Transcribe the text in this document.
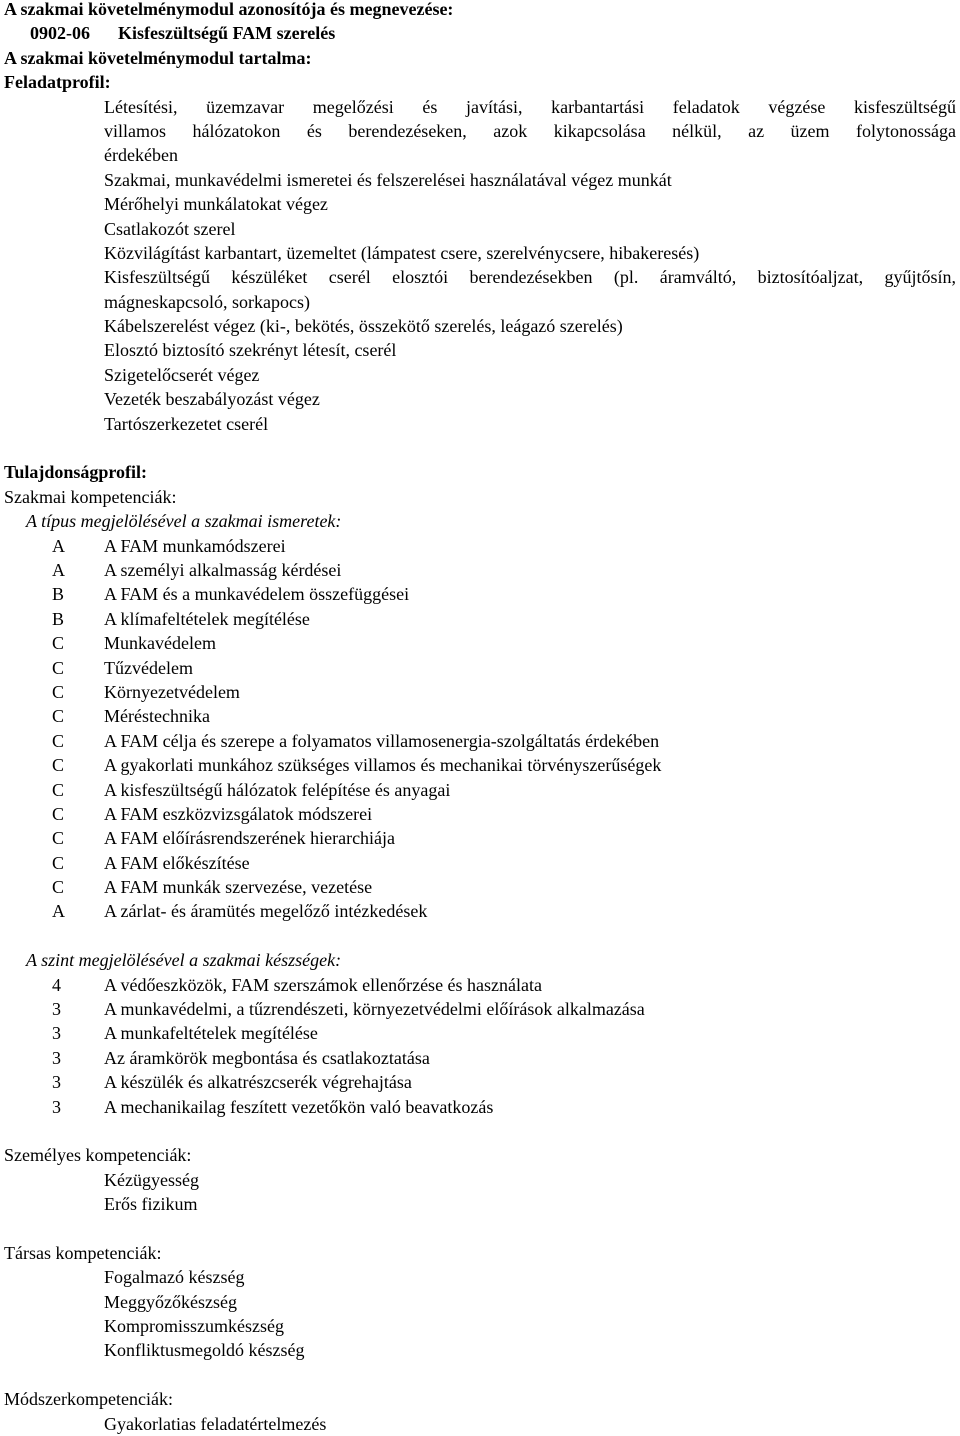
A szakmai követelménymodul azonosítója és megnevezése:
0902-06 Kisfeszültségű FAM szerelés
A szakmai követelménymodul tartalma:
Feladatprofil:
Létesítési, üzemzavar megelőzési és javítási, karbantartási feladatok végzése kisfeszültségű
villamos hálózatokon és berendezéseken, azok kikapcsolása nélkül, az üzem folytonossága
érdekében
Szakmai, munkavédelmi ismeretei és felszerelései használatával végez munkát
Mérőhelyi munkálatokat végez
Csatlakozót szerel
Közvilágítást karbantart, üzemeltet (lámpatest csere, szerelvénycsere, hibakeresés)
Kisfeszültségű készüléket cserél elosztói berendezésekben (pl. áramváltó, biztosítóaljzat, gyűjtősín,
mágneskapcsoló, sorkapocs)
Kábelszerelést végez (ki-, bekötés, összekötő szerelés, leágazó szerelés)
Elosztó biztosító szekrényt létesít, cserél
Szigetelőcserét végez
Vezeték beszabályozást végez
Tartószerkezetet cserél
Tulajdonságprofil:
Szakmai kompetenciák:
A típus megjelölésével a szakmai ismeretek:
A	A FAM munkamódszerei
A	A személyi alkalmasság kérdései
B	A FAM és a munkavédelem összefüggései
B	A klímafeltételek megítélése
C	Munkavédelem
C	Tűzvédelem
C	Környezetvédelem
C	Méréstechnika
C	A FAM célja és szerepe a folyamatos villamosenergia-szolgáltatás érdekében
C	A gyakorlati munkához szükséges villamos és mechanikai törvényszerűségek
C	A kisfeszültségű hálózatok felépítése és anyagai
C	A FAM eszközvizsgálatok módszerei
C	A FAM előírásrendszerének hierarchiája
C	A FAM előkészítése
C	A FAM munkák szervezése, vezetése
A	A zárlat- és áramütés megelőző intézkedések
A szint megjelölésével a szakmai készségek:
4	A védőeszközök, FAM szerszámok ellenőrzése és használata
3	A munkavédelmi, a tűzrendészeti, környezetvédelmi előírások alkalmazása
3	A munkafeltételek megítélése
3	Az áramkörök megbontása és csatlakoztatása
3	A készülék és alkatrészcserék végrehajtása
3	A mechanikailag feszített vezetőkön való beavatkozás
Személyes kompetenciák:
Kézügyesség
Erős fizikum
Társas kompetenciák:
Fogalmazó készség
Meggyőzőkészség
Kompromisszumkészség
Konfliktusmegoldó készség
Módszerkompetenciák:
Gyakorlatias feladatértelmezés
